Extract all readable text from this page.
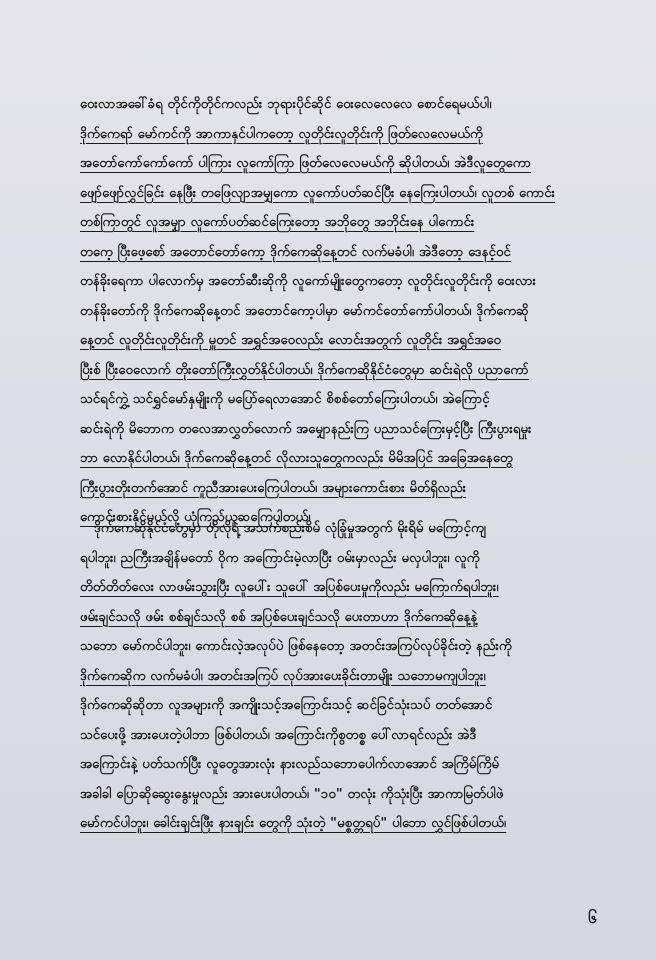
ဝေးလာအခေါ်ခံရ တိုင်ကိုတိုင်ကလည်း ဘုရားပိုင်ဆိုင် ဝေးလေလေလေ စောင်ရေမယ်ပါ၊
ဒိုက်ကေရာ် မော်ကင်ကို အာကာနှင်ပါကတော့ လူတိုင်းလူတိုင်းကို ဖြတ်လေလေမယ်ကို
အတော်ကော်ကော်ကော် ပါကြား လူကော်ကြာ ဖြတ်လေလေမယ်ကို ဆိုပါတယ်၊ အဲဒီလူတွေကော
ဖျော်ဖျော်လွှင်ခြင်း နေဖြီး တဖြေလျာအမျှကော လူကော်ပတ်ဆင်ပြီး နေကြေးပါတယ်၊ လူတစ် ကောင်း
တစ်ကြာတွင် လူအမျှာ လူကော်ပတ်ဆင်ကြေးတော့ အဘိုတွေ အဘိုင်းနေ ပါကောင်း
တကေ့ ပြီးဖေ့စော် အတောင်တော်ကော့ ဒိုက်ကေဆိုနေ့တင် လက်မခံပါ၊ အဲဒီတော့ ဒေနင့်ဝင်
တန်ခိုးရေကာ ပါလောက်မှ အတော်ဆီးဆိုကို လူကော်မျိုးတွေကတော့ လူတိုင်းလူတိုင်းကို ဝေးလား
တန်ခိုးတော်ကို ဒိုက်ကေဆိုနေ့တင် အတောင်ကော့ပါမှာ မော်ကင်တော်ကော်ပါတယ်၊ ဒိုက်ကေဆို
နေ့တင် လူတိုင်းလူတိုင်းကို မှူတင် အရွှင်အဝေလည်း လောင်းအတွက် လူတိုင်း အရွှင်အဝေ
ပြီးစ် ပြီးဝေလောက် တိုးတော်ကြီးလွှတ်နိုင်ပါတယ်၊ ဒိုက်ကေဆိုနိုင်ငံတွေမှာ ဆင်းရဲလို ပညာကော်
သင်ရင်ကွှဲ့ သင်ရွှင်မော်နှမျိုးကို မပြော်ရေလာအောင် စိစစ်တော်ကြေးပါတယ်၊ အဲကြောင့်
ဆင်းရဲကို မိဘောက တလေအာလွှတ်လောက် အမျှောနည်းကြ ပညာသင်ကြေးမှင့်ပြီး ကြီးပွားရမှုး
ဘာ လောနိုင်ပါတယ်၊ ဒိုက်ကေဆိုနေ့တင် လိုလားသူတွေကလည်း မိမိအပြင် အခြေအနေတွေ
ကြီးပွားတိုးတက်အောင် ကူညီအားပေးကြေပါတယ်၊ အများကောင်းစား မိတ်ရှိလည်း
ကောင်းစားနိုင်မယ်လို့ ယုံကြည်ယူဆကြေပါတယ်၊
ဒိုက်ကေဆိုနိုင်ငံတွေမှာ တိုလိုရဲ့ အသက်စည်းစိမ် လုံခြုံမှုအတွက် မိုးရိမ် မကြောင့်ကျ
ရပါဘူး၊ ညကြီးအချိန်မတော် ဝိုက အကြောင်းမဲ့လာပြီး ဝမ်းမှာလည်း မလှပါဘူး၊ လူကို
တိတ်တိတ်လေး လာဖမ်းသွားပြီး လူပေါ်း သူပေါ် အပြစ်ပေးမှုကိုလည်း မကြောက်ရပါဘူး၊
ဖမ်းချင်သလို ဖမ်း စစ်ချင်သလို စစ် အပြစ်ပေးချင်သလို ပေးတာဟာ ဒိုက်ကေဆိုနေ့နဲ့
သဘော မော်ကင်ပါဘူး၊ ကောင်းလဲ့အလုပ်ပဲ ဖြစ်နေတော့ အတင်းအကြပ်လုပ်ခိုင်းတဲ့ နည်းကို
ဒိုက်ကေဆိုက လက်မခံပါ၊ အတင်းအကြပ် လုပ်အားပေးခိုင်းတာမျိုး သဘောမကျပါဘူး၊
ဒိုက်ကေဆိုဆိုတာ လူအများကို အကျိုးသင့်အကြောင်းသင့် ဆင်ခြင်သုံးသပ် တတ်အောင်
သင်ပေးဖို့ အားပေးတဲ့ပါဘာ ဖြစ်ပါတယ်၊ အကြောင်းကိုစွတစ္စ ပေါ်လာရင်လည်း အဲဒီ
အကြောင်းနဲ့ ပတ်သက်ပြီး လူတွေအားလုံး နားလည်သဘောပေါက်လာအောင် အကြိမ်ကြိမ်
အခါခါ ပြောဆိုဆွေးနွေးမှုလည်း အားပေးပါတယ်၊ "၁၀" တလုံး ကိုသုံးပြီး အာကာမြတ်ပါဖဲ
မော်ကင်ပါဘူး၊ ခေါင်းချင်းဖြီး နားချင်း တွေကို သုံးတဲ့ "မစ္စတ္တရပ်" ပါဘော လွှင်ဖြစ်ပါတယ်၊
၆
